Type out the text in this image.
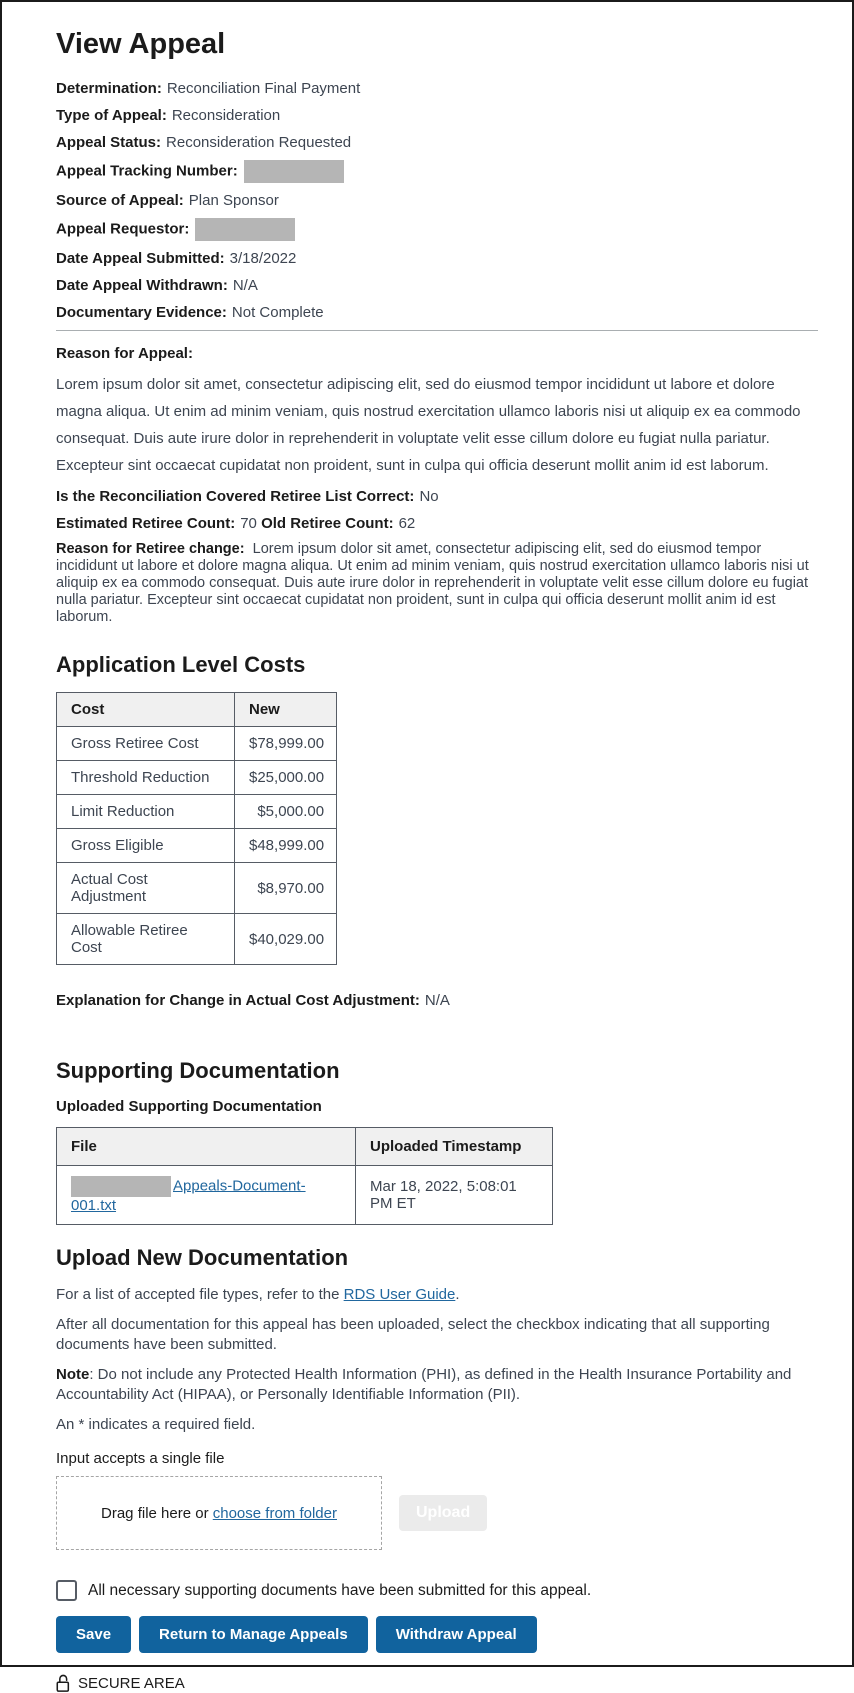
View Appeal

Determination: Reconciliation Final Payment

Type of Appeal: Reconsideration

Appeal Status: Reconsideration Requested

Appeal Tracking Number:

Source of Appeal: Plan Sponsor

Appeal Requestor:

Date Appeal Submitted: 3/18/2022

Date Appeal Withdrawn: N/A

Documentary Evidence: Not Complete

Reason for Appeal:

Lorem ipsum dolor sit amet, consectetur adipiscing elit, sed do eiusmod tempor incididunt ut labore et dolore magna aliqua. Ut enim ad minim veniam, quis nostrud exercitation ullamco laboris nisi ut aliquip ex ea commodo consequat. Duis aute irure dolor in reprehenderit in voluptate velit esse cillum dolore eu fugiat nulla pariatur. Excepteur sint occaecat cupidatat non proident, sunt in culpa qui officia deserunt mollit anim id est laborum.

Is the Reconciliation Covered Retiree List Correct: No

Estimated Retiree Count: 70 Old Retiree Count: 62

Reason for Retiree change: Lorem ipsum dolor sit amet, consectetur adipiscing elit, sed do eiusmod tempor incididunt ut labore et dolore magna aliqua. Ut enim ad minim veniam, quis nostrud exercitation ullamco laboris nisi ut aliquip ex ea commodo consequat. Duis aute irure dolor in reprehenderit in voluptate velit esse cillum dolore eu fugiat nulla pariatur. Excepteur sint occaecat cupidatat non proident, sunt in culpa qui officia deserunt mollit anim id est laborum.

Application Level Costs
Cost	New
Gross Retiree Cost	$78,999.00
Threshold Reduction	$25,000.00
Limit Reduction	$5,000.00
Gross Eligible	$48,999.00
Actual Cost Adjustment	$8,970.00
Allowable Retiree Cost	$40,029.00

Explanation for Change in Actual Cost Adjustment: N/A

Supporting Documentation

Uploaded Supporting Documentation

File	Uploaded Timestamp
Appeals-Document-001.txt	Mar 18, 2022, 5:08:01 PM ET
Upload New Documentation

For a list of accepted file types, refer to the RDS User Guide.

After all documentation for this appeal has been uploaded, select the checkbox indicating that all supporting documents have been submitted.

Note: Do not include any Protected Health Information (PHI), as defined in the Health Insurance Portability and Accountability Act (HIPAA), or Personally Identifiable Information (PII).

An * indicates a required field.

Input accepts a single file

Drag file here or
choose from folder	Upload
All necessary supporting documents have been submitted for this appeal.
Save	Return to Manage Appeals	Withdraw Appeal
SECURE AREA
